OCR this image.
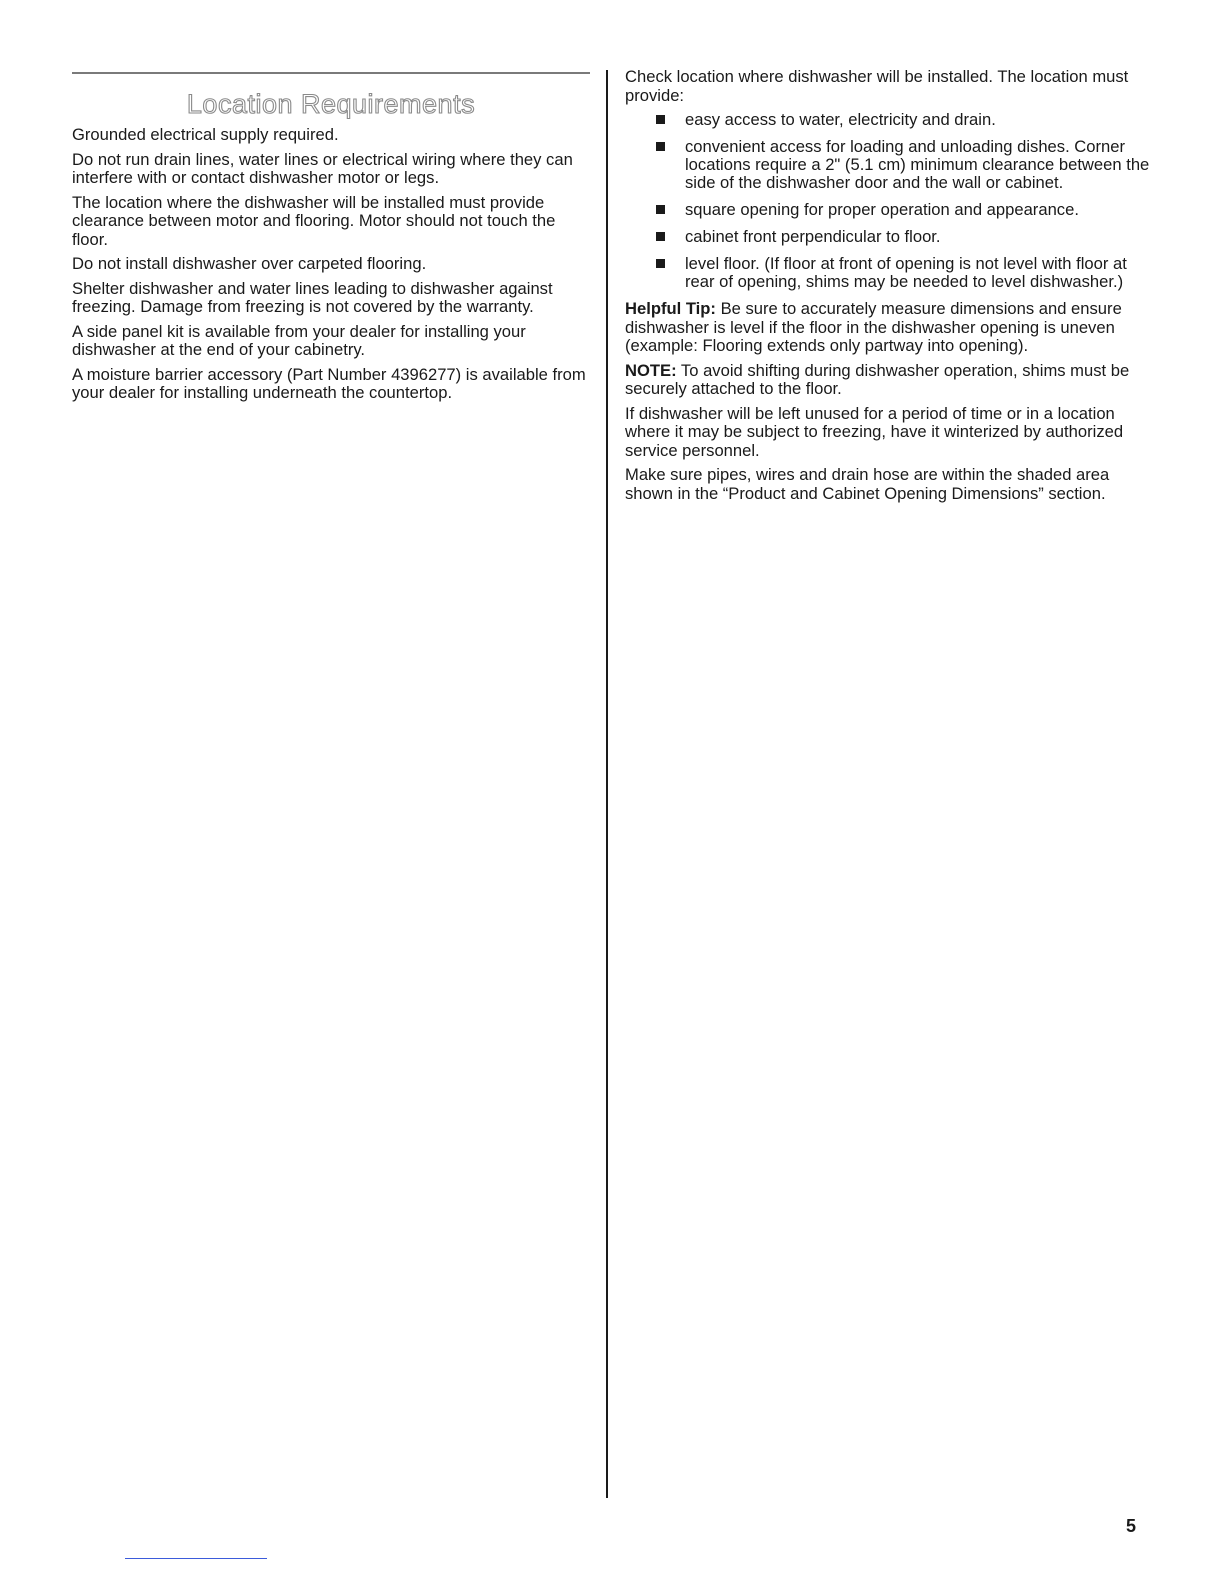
Location Requirements

Grounded electrical supply required.

Do not run drain lines, water lines or electrical wiring where they can interfere with or contact dishwasher motor or legs.

The location where the dishwasher will be installed must provide clearance between motor and flooring. Motor should not touch the floor.

Do not install dishwasher over carpeted flooring.

Shelter dishwasher and water lines leading to dishwasher against freezing. Damage from freezing is not covered by the warranty.

A side panel kit is available from your dealer for installing your dishwasher at the end of your cabinetry.

A moisture barrier accessory (Part Number 4396277) is available from your dealer for installing underneath the countertop.

Check location where dishwasher will be installed. The location must provide:

easy access to water, electricity and drain.
convenient access for loading and unloading dishes. Corner locations require a 2" (5.1 cm) minimum clearance between the side of the dishwasher door and the wall or cabinet.
square opening for proper operation and appearance.
cabinet front perpendicular to floor.
level floor. (If floor at front of opening is not level with floor at rear of opening, shims may be needed to level dishwasher.)

Helpful Tip: Be sure to accurately measure dimensions and ensure dishwasher is level if the floor in the dishwasher opening is uneven (example: Flooring extends only partway into opening).

NOTE: To avoid shifting during dishwasher operation, shims must be securely attached to the floor.

If dishwasher will be left unused for a period of time or in a location where it may be subject to freezing, have it winterized by authorized service personnel.

Make sure pipes, wires and drain hose are within the shaded area shown in the “Product and Cabinet Opening Dimensions” section.

5
